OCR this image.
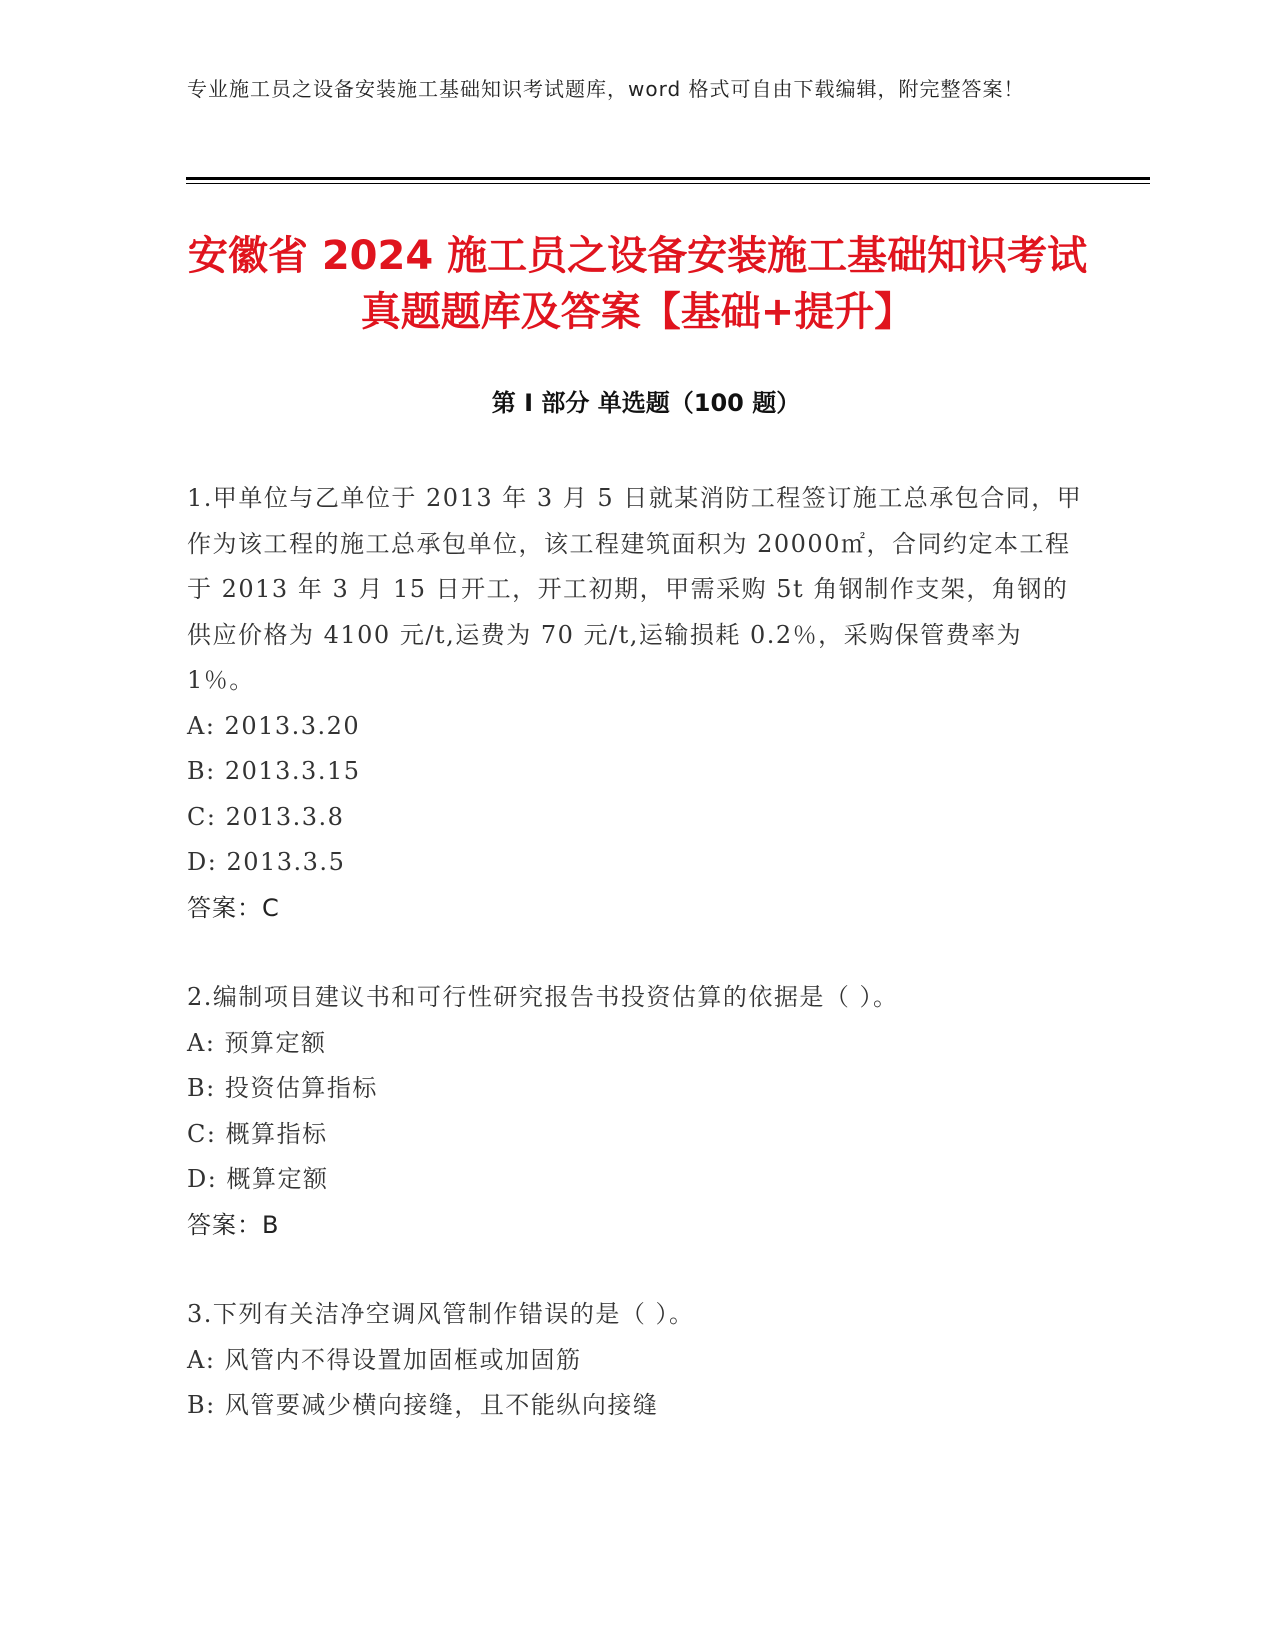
专业施工员之设备安装施工基础知识考试题库，word 格式可自由下载编辑，附完整答案！
安徽省 2024 施工员之设备安装施工基础知识考试真题题库及答案【基础+提升】
第 I 部分 单选题（100 题）

1.甲单位与乙单位于 2013 年 3 月 5 日就某消防工程签订施工总承包合同，甲作为该工程的施工总承包单位，该工程建筑面积为 20000㎡，合同约定本工程于 2013 年 3 月 15 日开工，开工初期，甲需采购 5t 角钢制作支架，角钢的供应价格为 4100 元/t,运费为 70 元/t,运输损耗 0.2％，采购保管费率为 1％。

A: 2013.3.20
B: 2013.3.15
C: 2013.3.8
D: 2013.3.5
答案：C

2.编制项目建议书和可行性研究报告书投资估算的依据是（ ）。

A: 预算定额
B: 投资估算指标
C: 概算指标
D: 概算定额
答案：B

3.下列有关洁净空调风管制作错误的是（ ）。

A: 风管内不得设置加固框或加固筋
B: 风管要减少横向接缝，且不能纵向接缝
